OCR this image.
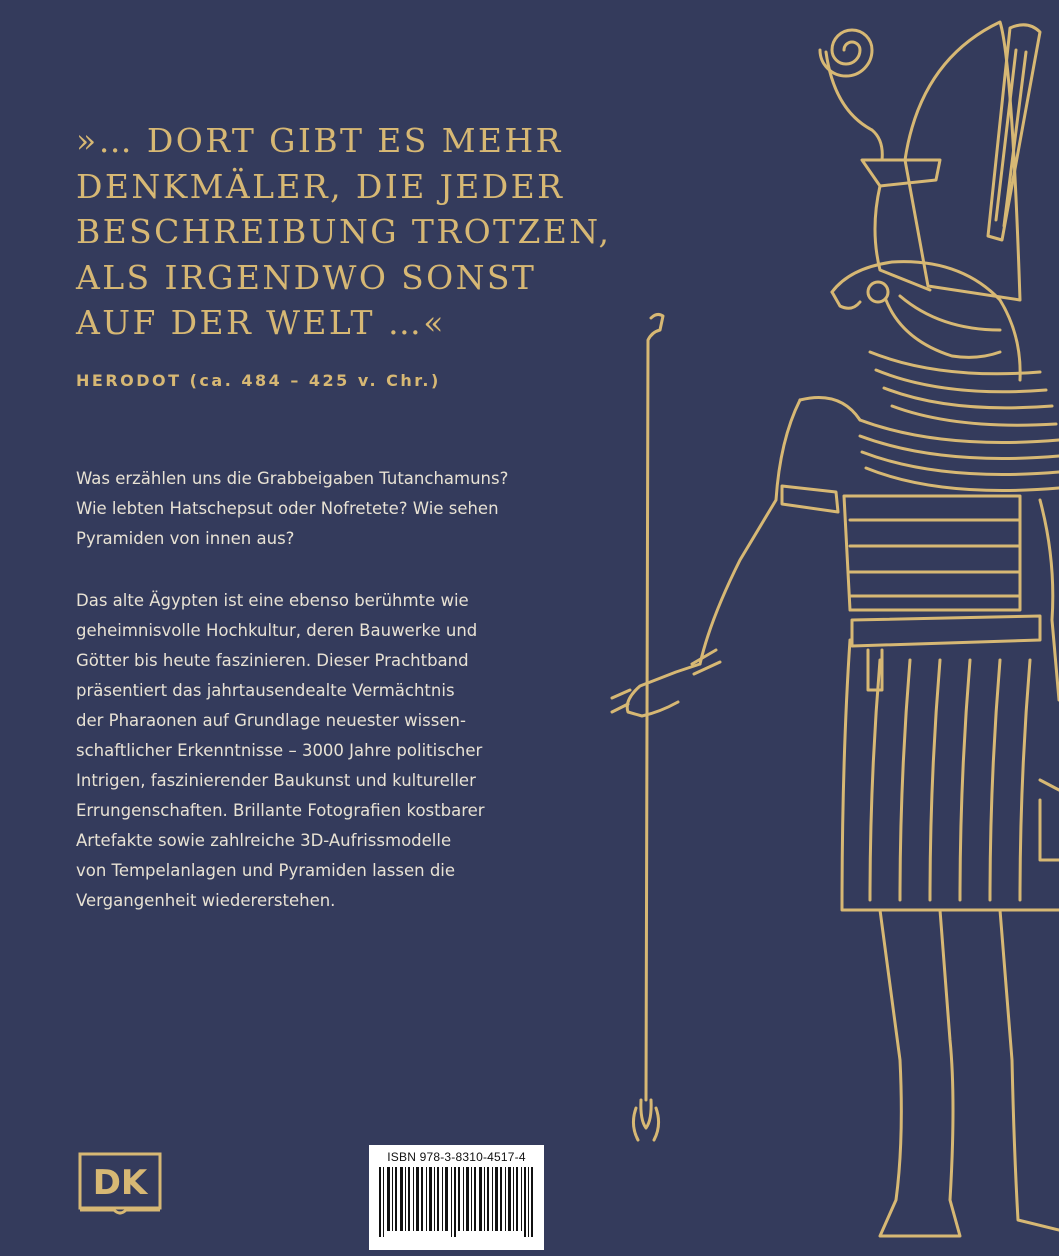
»… DORT GIBT ES MEHR
DENKMÄLER, DIE JEDER
BESCHREIBUNG TROTZEN,
ALS IRGENDWO SONST
AUF DER WELT …«
HERODOT (ca. 484 – 425 v. Chr.)
Was erzählen uns die Grabbeigaben Tutanchamuns?
Wie lebten Hatschepsut oder Nofretete? Wie sehen
Pyramiden von innen aus?
Das alte Ägypten ist eine ebenso berühmte wie
geheimnisvolle Hochkultur, deren Bauwerke und
Götter bis heute faszinieren. Dieser Prachtband
präsentiert das jahrtausendealte Vermächtnis
der Pharaonen auf Grundlage neuester wissen-
schaftlicher Erkenntnisse – 3000 Jahre politischer
Intrigen, faszinierender Baukunst und kultureller
Errungenschaften. Brillante Fotografien kostbarer
Artefakte sowie zahlreiche 3D-Aufrissmodelle
von Tempelanlagen und Pyramiden lassen die
Vergangenheit wiedererstehen.
DK
ISBN 978-3-8310-4517-4
